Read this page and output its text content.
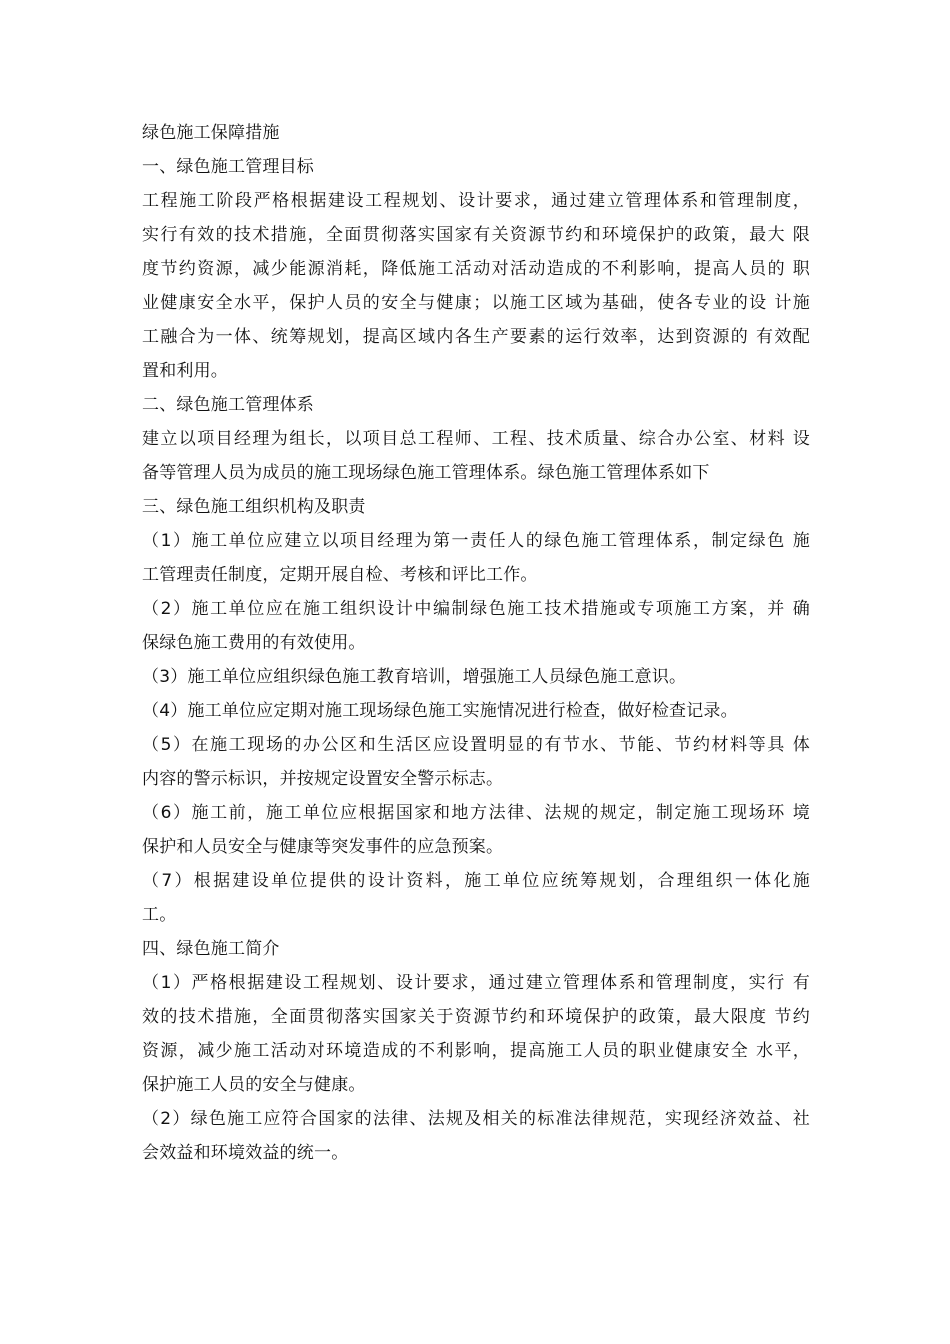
绿色施工保障措施
一、绿色施工管理目标
工程施工阶段严格根据建设工程规划、设计要求，通过建立管理体系和管理制度，
实行有效的技术措施，全面贯彻落实国家有关资源节约和环境保护的政策，最大 限
度节约资源，减少能源消耗，降低施工活动对活动造成的不利影响，提高人员的 职
业健康安全水平，保护人员的安全与健康；以施工区域为基础，使各专业的设 计施
工融合为一体、统筹规划，提高区域内各生产要素的运行效率，达到资源的 有效配
置和利用。
二、绿色施工管理体系
建立以项目经理为组长，以项目总工程师、工程、技术质量、综合办公室、材料 设
备等管理人员为成员的施工现场绿色施工管理体系。绿色施工管理体系如下
三、绿色施工组织机构及职责
（1）施工单位应建立以项目经理为第一责任人的绿色施工管理体系，制定绿色 施
工管理责任制度，定期开展自检、考核和评比工作。
（2）施工单位应在施工组织设计中编制绿色施工技术措施或专项施工方案，并 确
保绿色施工费用的有效使用。
（3）施工单位应组织绿色施工教育培训，增强施工人员绿色施工意识。
（4）施工单位应定期对施工现场绿色施工实施情况进行检查，做好检查记录。
（5）在施工现场的办公区和生活区应设置明显的有节水、节能、节约材料等具 体
内容的警示标识，并按规定设置安全警示标志。
（6）施工前，施工单位应根据国家和地方法律、法规的规定，制定施工现场环 境
保护和人员安全与健康等突发事件的应急预案。
（7）根据建设单位提供的设计资料，施工单位应统筹规划，合理组织一体化施
工。
四、绿色施工简介
（1）严格根据建设工程规划、设计要求，通过建立管理体系和管理制度，实行 有
效的技术措施，全面贯彻落实国家关于资源节约和环境保护的政策，最大限度 节约
资源，减少施工活动对环境造成的不利影响，提高施工人员的职业健康安全 水平，
保护施工人员的安全与健康。
（2）绿色施工应符合国家的法律、法规及相关的标准法律规范，实现经济效益、社
会效益和环境效益的统一。
